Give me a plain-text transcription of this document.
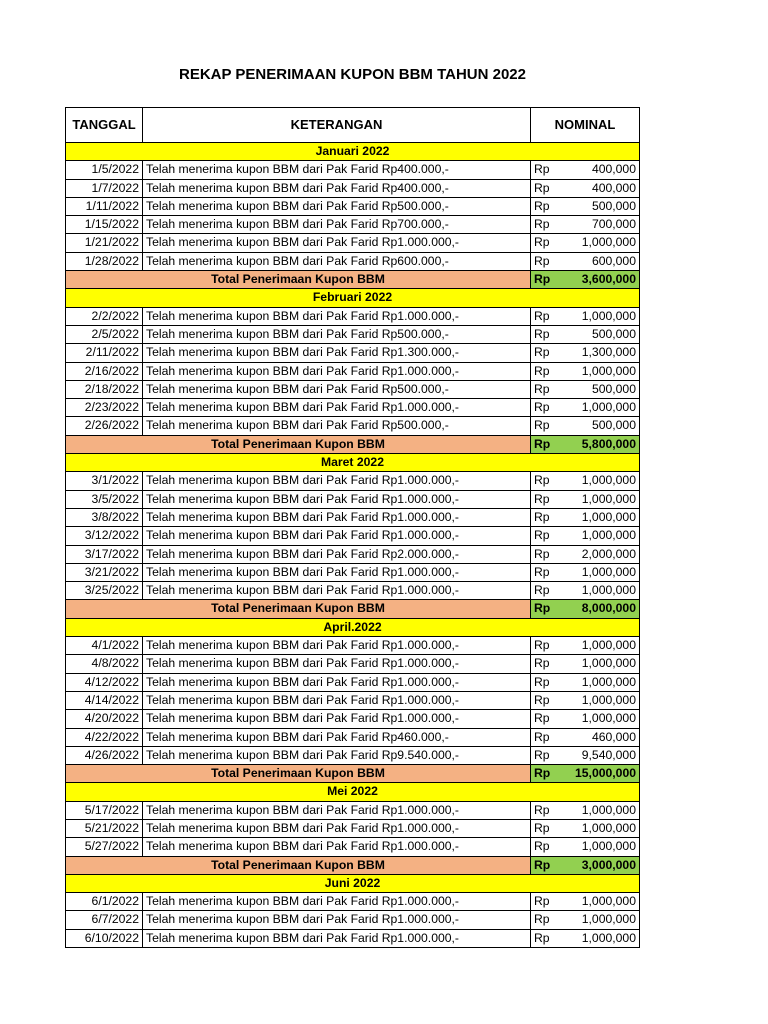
REKAP PENERIMAAN KUPON BBM TAHUN 2022
TANGGAL	KETERANGAN	NOMINAL
Januari 2022		
1/5/2022	Telah menerima kupon BBM dari Pak Farid Rp400.000,-	Rp 400,000

1/7/2022	Telah menerima kupon BBM dari Pak Farid Rp400.000,-	Rp 400,000

1/11/2022	Telah menerima kupon BBM dari Pak Farid Rp500.000,-	Rp 500,000

1/15/2022	Telah menerima kupon BBM dari Pak Farid Rp700.000,-	Rp 700,000

1/21/2022	Telah menerima kupon BBM dari Pak Farid Rp1.000.000,-	Rp 1,000,000

1/28/2022	Telah menerima kupon BBM dari Pak Farid Rp600.000,-	Rp 600,000

Total Penerimaan Kupon BBM		Rp 3,600,000

Februari 2022		
2/2/2022	Telah menerima kupon BBM dari Pak Farid Rp1.000.000,-	Rp 1,000,000

2/5/2022	Telah menerima kupon BBM dari Pak Farid Rp500.000,-	Rp 500,000

2/11/2022	Telah menerima kupon BBM dari Pak Farid Rp1.300.000,-	Rp 1,300,000

2/16/2022	Telah menerima kupon BBM dari Pak Farid Rp1.000.000,-	Rp 1,000,000

2/18/2022	Telah menerima kupon BBM dari Pak Farid Rp500.000,-	Rp 500,000

2/23/2022	Telah menerima kupon BBM dari Pak Farid Rp1.000.000,-	Rp 1,000,000

2/26/2022	Telah menerima kupon BBM dari Pak Farid Rp500.000,-	Rp 500,000

Total Penerimaan Kupon BBM		Rp 5,800,000

Maret 2022		
3/1/2022	Telah menerima kupon BBM dari Pak Farid Rp1.000.000,-	Rp 1,000,000

3/5/2022	Telah menerima kupon BBM dari Pak Farid Rp1.000.000,-	Rp 1,000,000

3/8/2022	Telah menerima kupon BBM dari Pak Farid Rp1.000.000,-	Rp 1,000,000

3/12/2022	Telah menerima kupon BBM dari Pak Farid Rp1.000.000,-	Rp 1,000,000

3/17/2022	Telah menerima kupon BBM dari Pak Farid Rp2.000.000,-	Rp 2,000,000

3/21/2022	Telah menerima kupon BBM dari Pak Farid Rp1.000.000,-	Rp 1,000,000

3/25/2022	Telah menerima kupon BBM dari Pak Farid Rp1.000.000,-	Rp 1,000,000

Total Penerimaan Kupon BBM		Rp 8,000,000

April.2022		
4/1/2022	Telah menerima kupon BBM dari Pak Farid Rp1.000.000,-	Rp 1,000,000

4/8/2022	Telah menerima kupon BBM dari Pak Farid Rp1.000.000,-	Rp 1,000,000

4/12/2022	Telah menerima kupon BBM dari Pak Farid Rp1.000.000,-	Rp 1,000,000

4/14/2022	Telah menerima kupon BBM dari Pak Farid Rp1.000.000,-	Rp 1,000,000

4/20/2022	Telah menerima kupon BBM dari Pak Farid Rp1.000.000,-	Rp 1,000,000

4/22/2022	Telah menerima kupon BBM dari Pak Farid Rp460.000,-	Rp 460,000

4/26/2022	Telah menerima kupon BBM dari Pak Farid Rp9.540.000,-	Rp 9,540,000

Total Penerimaan Kupon BBM		Rp 15,000,000

Mei 2022		
5/17/2022	Telah menerima kupon BBM dari Pak Farid Rp1.000.000,-	Rp 1,000,000

5/21/2022	Telah menerima kupon BBM dari Pak Farid Rp1.000.000,-	Rp 1,000,000

5/27/2022	Telah menerima kupon BBM dari Pak Farid Rp1.000.000,-	Rp 1,000,000

Total Penerimaan Kupon BBM		Rp 3,000,000

Juni 2022		
6/1/2022	Telah menerima kupon BBM dari Pak Farid Rp1.000.000,-	Rp 1,000,000

6/7/2022	Telah menerima kupon BBM dari Pak Farid Rp1.000.000,-	Rp 1,000,000

6/10/2022	Telah menerima kupon BBM dari Pak Farid Rp1.000.000,-	Rp 1,000,000
